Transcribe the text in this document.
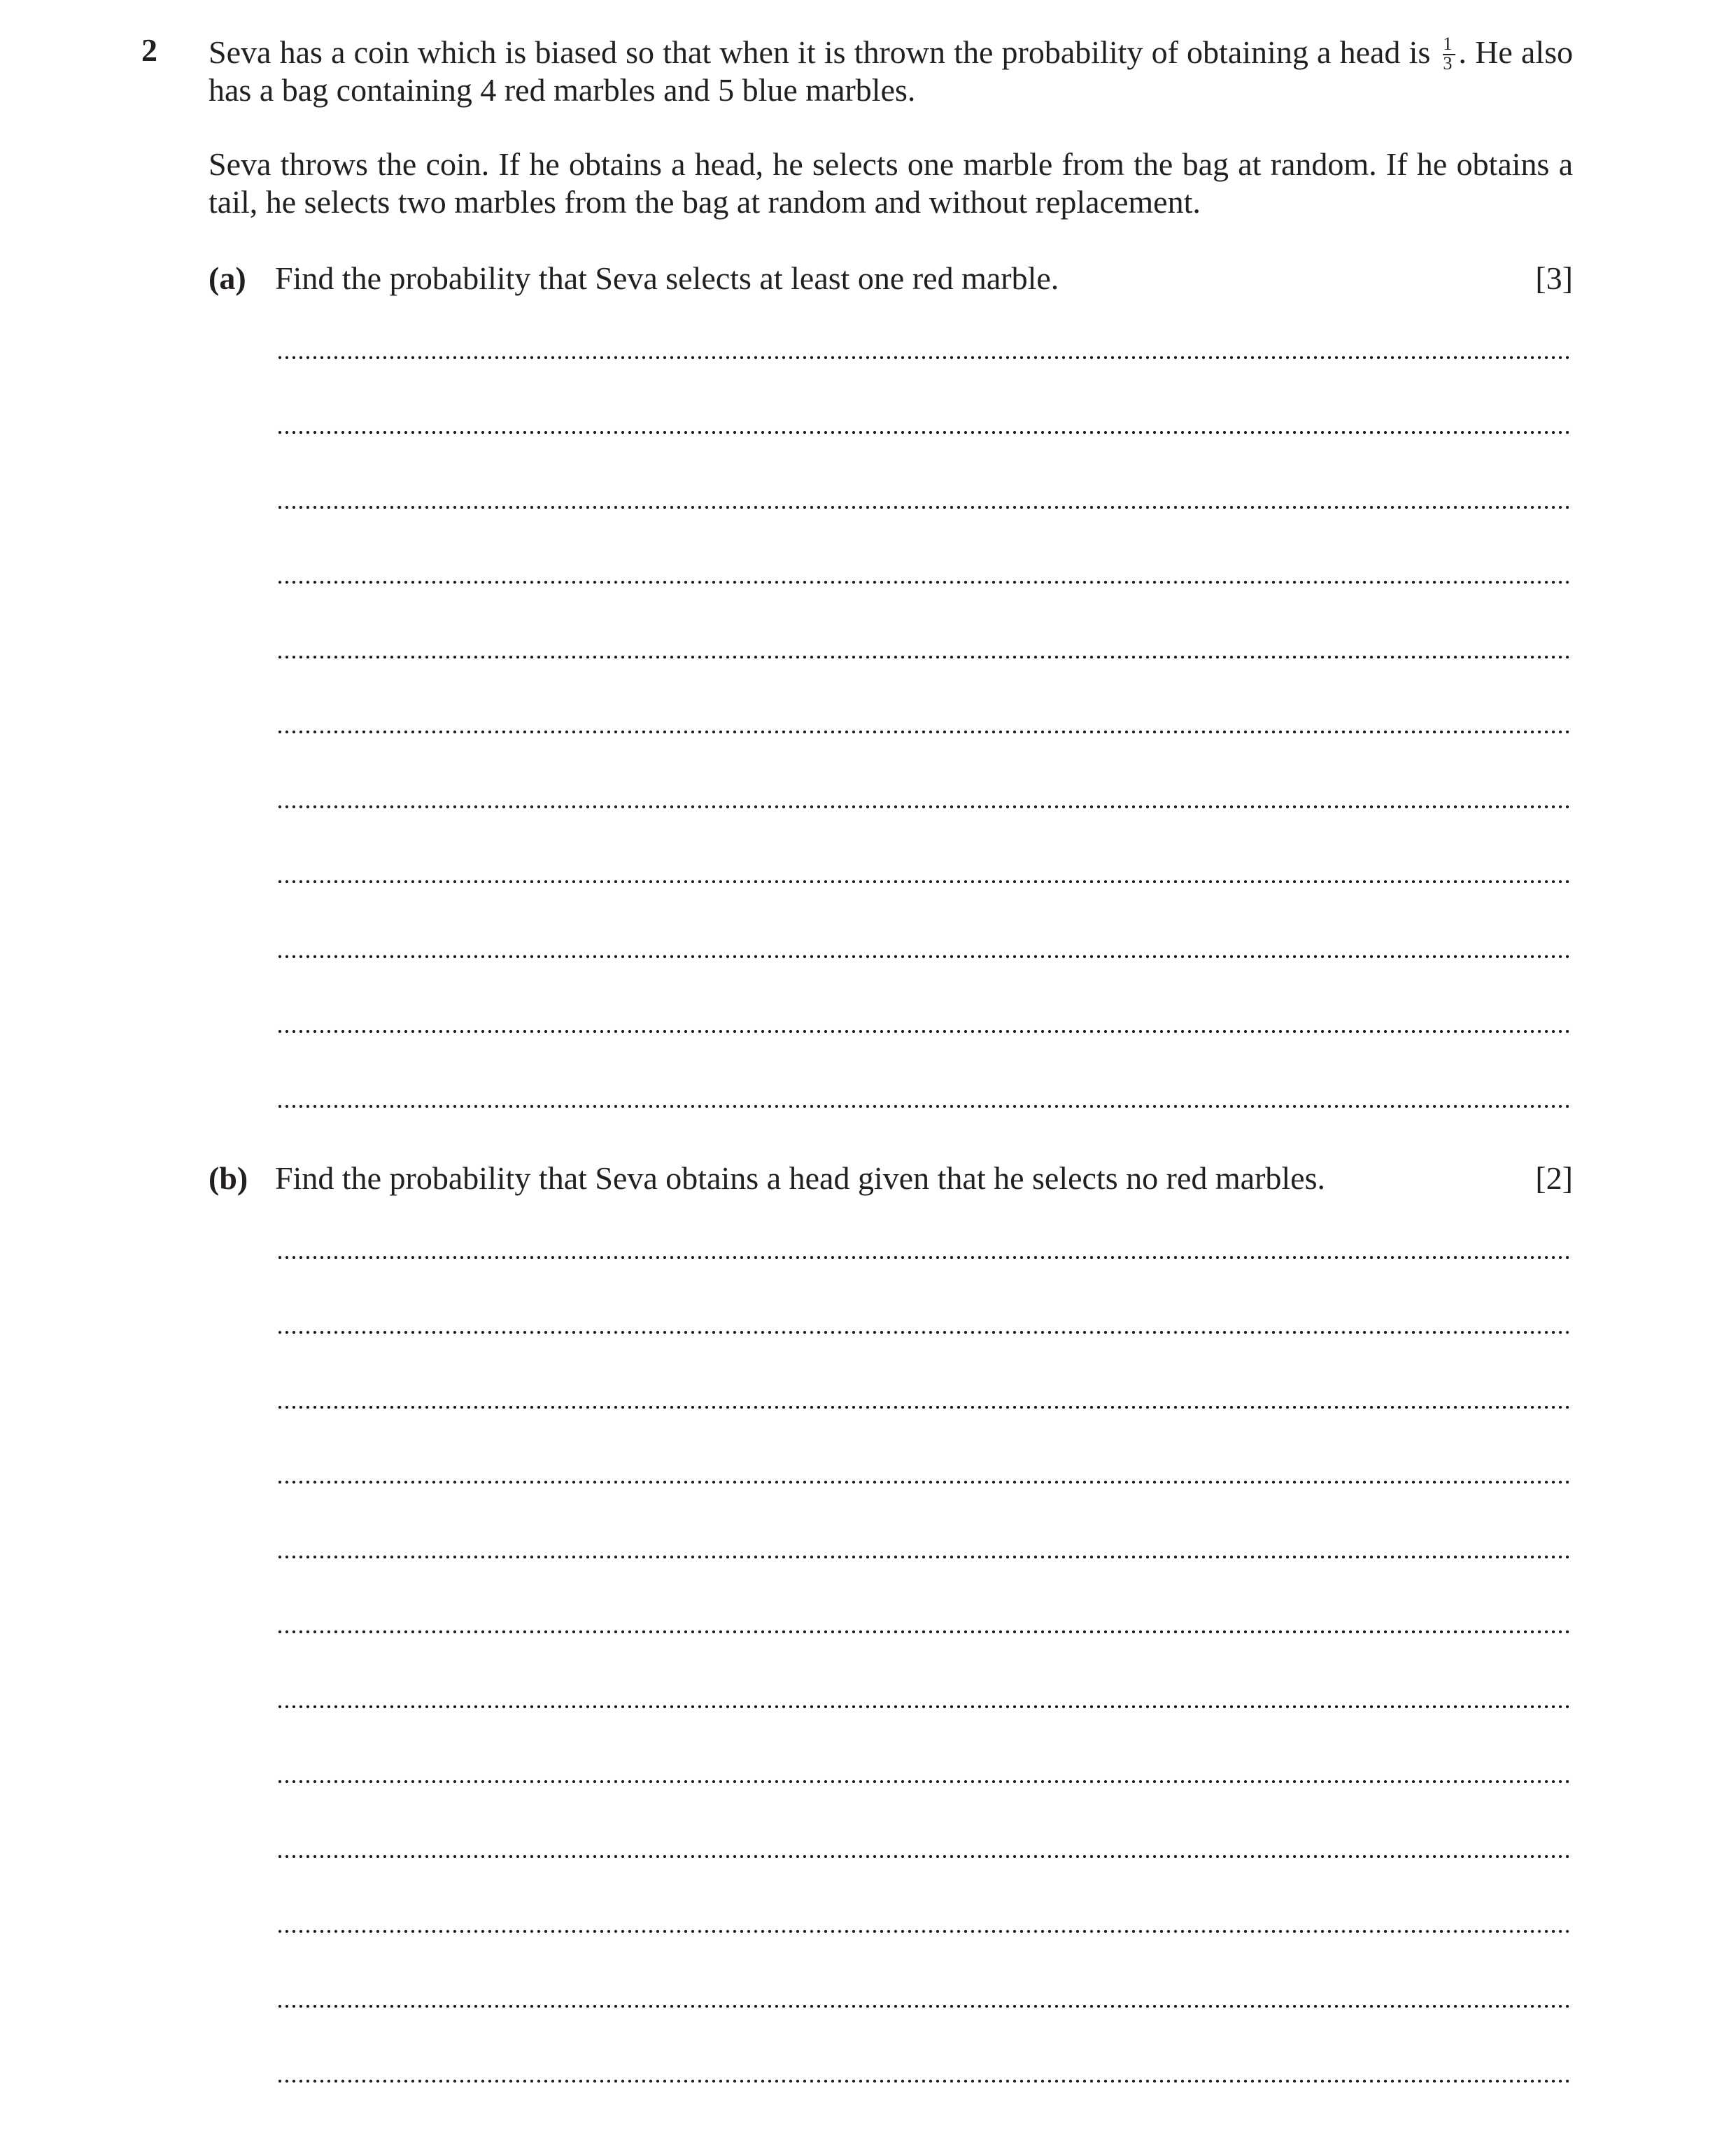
2 Seva has a coin which is biased so that when it is thrown the probability of obtaining a head is $\frac{1}{3}$ . He also has a bag containing 4 red marbles and 5 blue marbles.
Seva throws the coin. If he obtains a head, he selects one marble from the bag at random. If he obtains a tail, he selects two marbles from the bag at random and without replacement.
(a) Find the probability that Seva selects at least one red marble.	[3]
(b) Find the probability that Seva obtains a head given that he selects no red marbles.	[2]
